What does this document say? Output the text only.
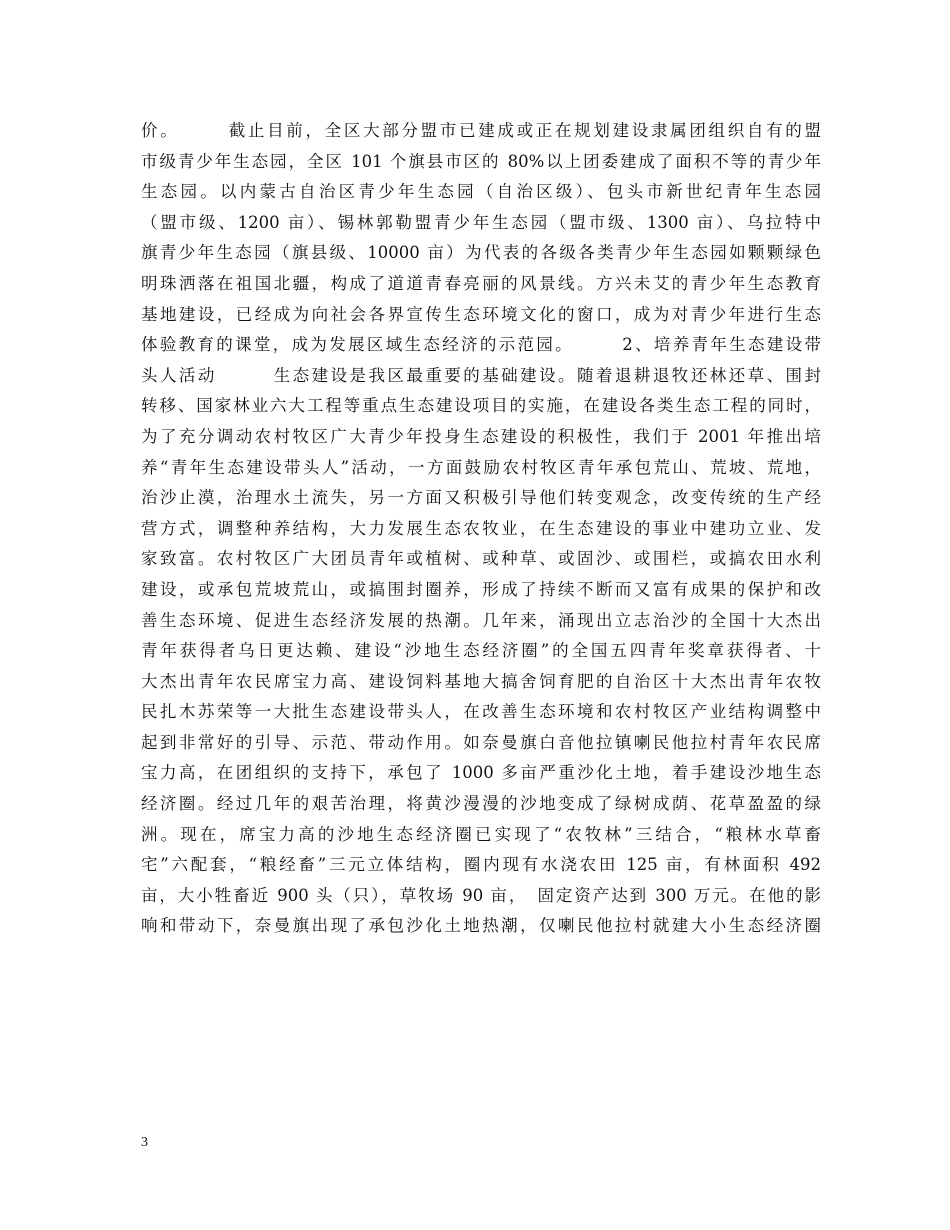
价。　　　截止目前，全区大部分盟市已建成或正在规划建设隶属团组织自有的盟
市级青少年生态园，全区 101 个旗县市区的 80%以上团委建成了面积不等的青少年
生态园。以内蒙古自治区青少年生态园（自治区级）、包头市新世纪青年生态园
（盟市级、1200 亩）、锡林郭勒盟青少年生态园（盟市级、1300 亩）、乌拉特中
旗青少年生态园（旗县级、10000 亩）为代表的各级各类青少年生态园如颗颗绿色
明珠洒落在祖国北疆，构成了道道青春亮丽的风景线。方兴未艾的青少年生态教育
基地建设，已经成为向社会各界宣传生态环境文化的窗口，成为对青少年进行生态
体验教育的课堂，成为发展区域生态经济的示范园。　　　2、培养青年生态建设带
头人活动　　　生态建设是我区最重要的基础建设。随着退耕退牧还林还草、围封
转移、国家林业六大工程等重点生态建设项目的实施，在建设各类生态工程的同时，
为了充分调动农村牧区广大青少年投身生态建设的积极性，我们于 2001 年推出培
养“青年生态建设带头人”活动，一方面鼓励农村牧区青年承包荒山、荒坡、荒地，
治沙止漠，治理水土流失，另一方面又积极引导他们转变观念，改变传统的生产经
营方式，调整种养结构，大力发展生态农牧业，在生态建设的事业中建功立业、发
家致富。农村牧区广大团员青年或植树、或种草、或固沙、或围栏，或搞农田水利
建设，或承包荒坡荒山，或搞围封圈养，形成了持续不断而又富有成果的保护和改
善生态环境、促进生态经济发展的热潮。几年来，涌现出立志治沙的全国十大杰出
青年获得者乌日更达赖、建设“沙地生态经济圈”的全国五四青年奖章获得者、十
大杰出青年农民席宝力高、建设饲料基地大搞舍饲育肥的自治区十大杰出青年农牧
民扎木苏荣等一大批生态建设带头人，在改善生态环境和农村牧区产业结构调整中
起到非常好的引导、示范、带动作用。如奈曼旗白音他拉镇喇民他拉村青年农民席
宝力高，在团组织的支持下，承包了 1000 多亩严重沙化土地，着手建设沙地生态
经济圈。经过几年的艰苦治理，将黄沙漫漫的沙地变成了绿树成荫、花草盈盈的绿
洲。现在，席宝力高的沙地生态经济圈已实现了“农牧林”三结合，“粮林水草畜
宅”六配套，“粮经畜”三元立体结构，圈内现有水浇农田 125 亩，有林面积 492
亩，大小牲畜近 900 头（只），草牧场 90 亩，　固定资产达到 300 万元。在他的影
响和带动下，奈曼旗出现了承包沙化土地热潮，仅喇民他拉村就建大小生态经济圈
3
